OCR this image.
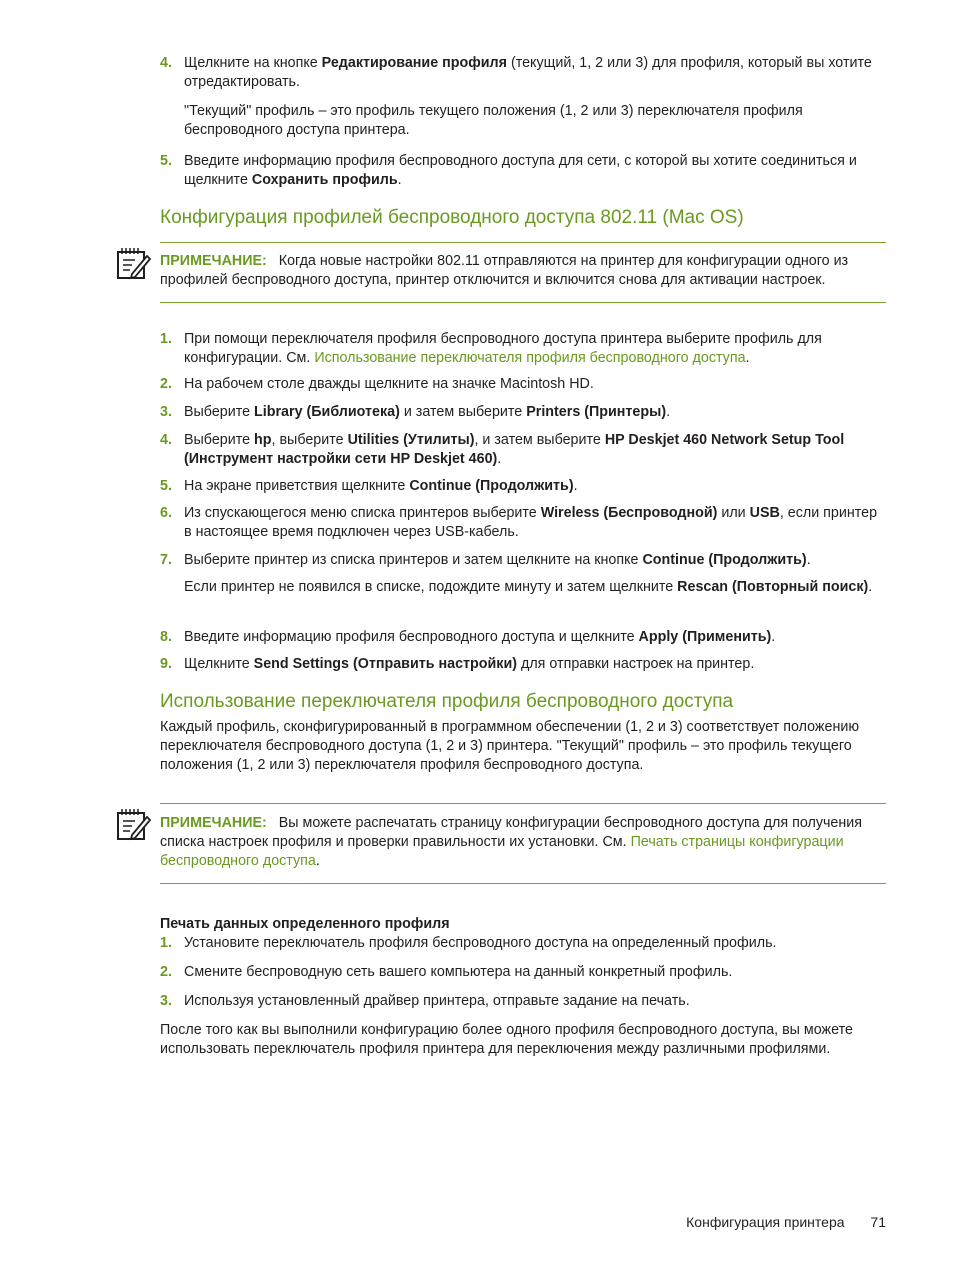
4. Щелкните на кнопке Редактирование профиля (текущий, 1, 2 или 3) для профиля, который вы хотите отредактировать.
"Текущий" профиль – это профиль текущего положения (1, 2 или 3) переключателя профиля беспроводного доступа принтера.
5. Введите информацию профиля беспроводного доступа для сети, с которой вы хотите соединиться и щелкните Сохранить профиль.
Конфигурация профилей беспроводного доступа 802.11 (Mac OS)
ПРИМЕЧАНИЕ: Когда новые настройки 802.11 отправляются на принтер для конфигурации одного из профилей беспроводного доступа, принтер отключится и включится снова для активации настроек.
1. При помощи переключателя профиля беспроводного доступа принтера выберите профиль для конфигурации. См. Использование переключателя профиля беспроводного доступа.
2. На рабочем столе дважды щелкните на значке Macintosh HD.
3. Выберите Library (Библиотека) и затем выберите Printers (Принтеры).
4. Выберите hp, выберите Utilities (Утилиты), и затем выберите HP Deskjet 460 Network Setup Tool (Инструмент настройки сети HP Deskjet 460).
5. На экране приветствия щелкните Continue (Продолжить).
6. Из спускающегося меню списка принтеров выберите Wireless (Беспроводной) или USB, если принтер в настоящее время подключен через USB-кабель.
7. Выберите принтер из списка принтеров и затем щелкните на кнопке Continue (Продолжить).
Если принтер не появился в списке, подождите минуту и затем щелкните Rescan (Повторный поиск).
8. Введите информацию профиля беспроводного доступа и щелкните Apply (Применить).
9. Щелкните Send Settings (Отправить настройки) для отправки настроек на принтер.
Использование переключателя профиля беспроводного доступа
Каждый профиль, сконфигурированный в программном обеспечении (1, 2 и 3) соответствует положению переключателя беспроводного доступа (1, 2 и 3) принтера. "Текущий" профиль – это профиль текущего положения (1, 2 или 3) переключателя профиля беспроводного доступа.
ПРИМЕЧАНИЕ: Вы можете распечатать страницу конфигурации беспроводного доступа для получения списка настроек профиля и проверки правильности их установки. См. Печать страницы конфигурации беспроводного доступа.
Печать данных определенного профиля
1. Установите переключатель профиля беспроводного доступа на определенный профиль.
2. Смените беспроводную сеть вашего компьютера на данный конкретный профиль.
3. Используя установленный драйвер принтера, отправьте задание на печать.
После того как вы выполнили конфигурацию более одного профиля беспроводного доступа, вы можете использовать переключатель профиля принтера для переключения между различными профилями.
Конфигурация принтера 71
